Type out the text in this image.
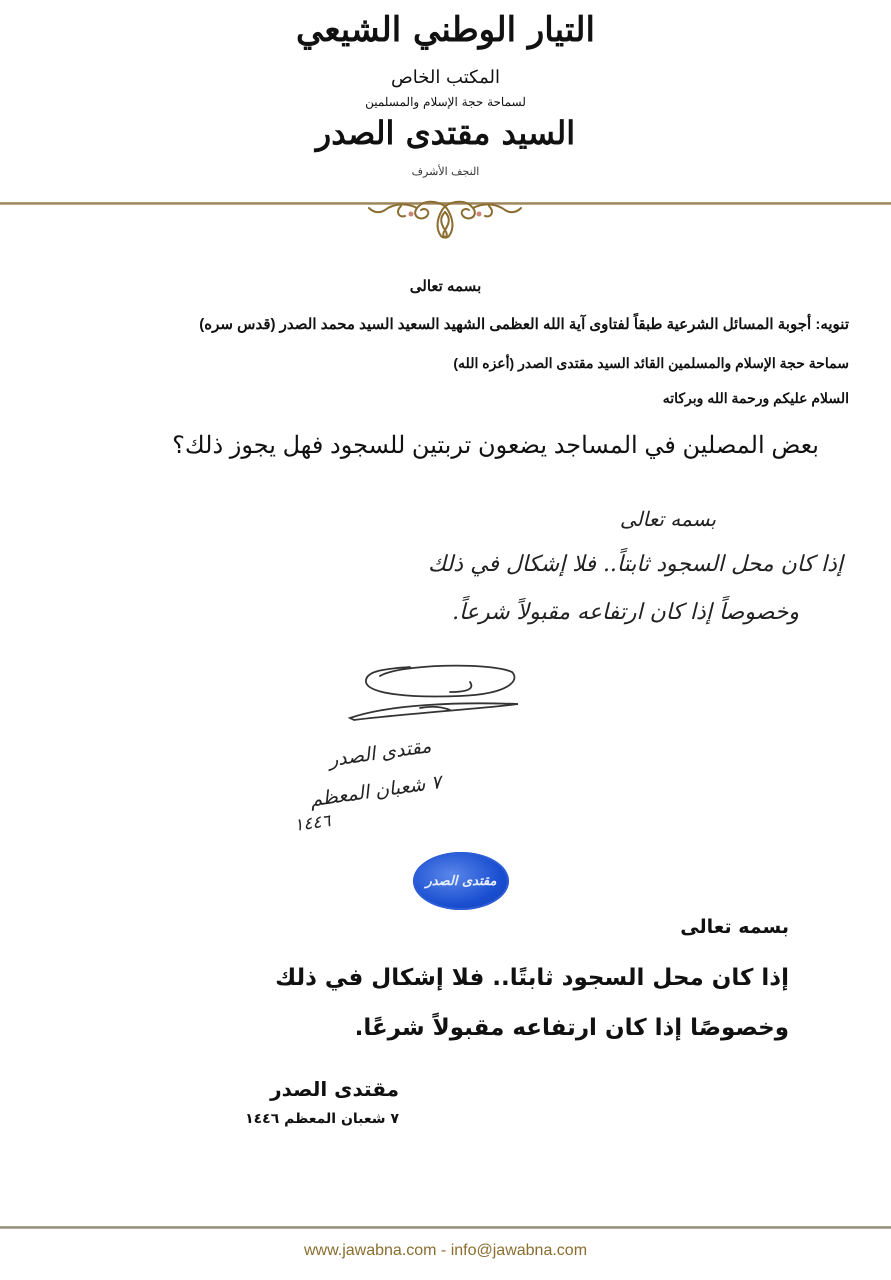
التيار الوطني الشيعي
المكتب الخاص
لسماحة حجة الإسلام والمسلمين
السيد مقتدى الصدر
النجف الأشرف
بسمه تعالى
تنويه: أجوبة المسائل الشرعية طبقاً لفتاوى آية الله العظمى الشهيد السعيد السيد محمد الصدر (قدس سره)
سماحة حجة الإسلام والمسلمين القائد السيد مقتدى الصدر (أعزه الله)
السلام عليكم ورحمة الله وبركاته
بعض المصلين في المساجد يضعون تربتين للسجود فهل يجوز ذلك؟
بسمه تعالى
إذا كان محل السجود ثابتاً.. فلا إشكال في ذلك
وخصوصاً إذا كان ارتفاعه مقبولاً شرعاً.
مقتدى الصدر
٧ شعبان المعظم
١٤٤٦
مقتدى الصدر
بسمه تعالى
إذا كان محل السجود ثابتًا.. فلا إشكال في ذلك
وخصوصًا إذا كان ارتفاعه مقبولاً شرعًا.
مقتدى الصدر
٧ شعبان المعظم ١٤٤٦
www.jawabna.com - info@jawabna.com
